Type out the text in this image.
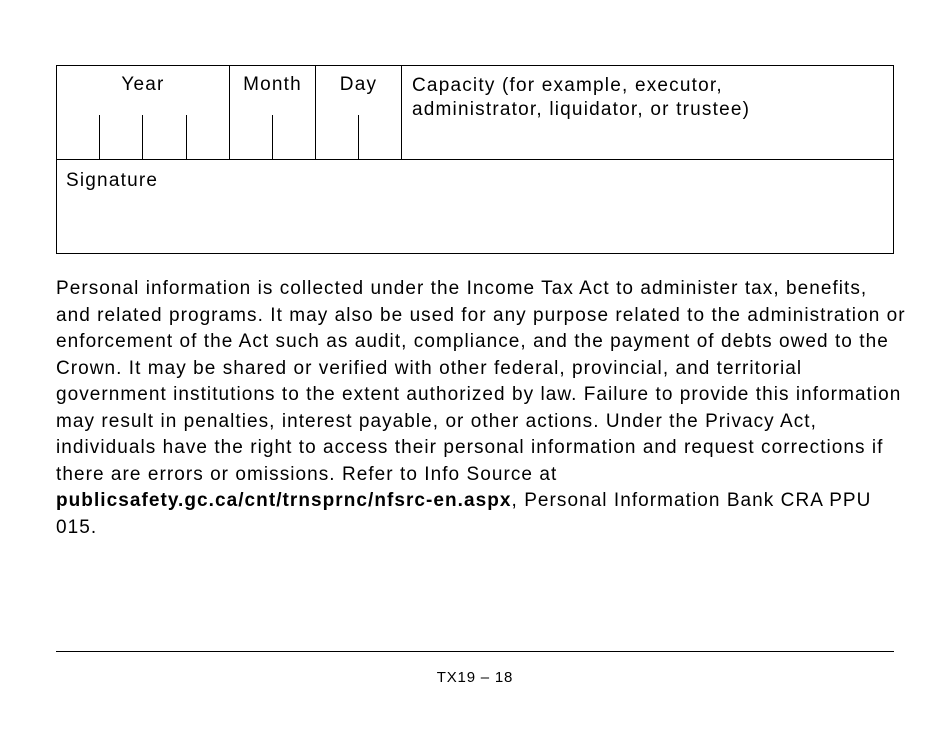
Year	Month	Day	Capacity (for example, executor,
administrator, liquidator, or trustee)
Signature

Personal information is collected under the Income Tax Act to administer tax, benefits, and related programs. It may also be used for any purpose related to the administration or enforcement of the Act such as audit, compliance, and the payment of debts owed to the Crown. It may be shared or verified with other federal, provincial, and territorial government institutions to the extent authorized by law. Failure to provide this information may result in penalties, interest payable, or other actions. Under the Privacy Act, individuals have the right to access their personal information and request corrections if there are errors or omissions. Refer to Info Source at publicsafety.gc.ca/cnt/trnsprnc/nfsrc-en.aspx, Personal Information Bank CRA PPU 015.

TX19 – 18
